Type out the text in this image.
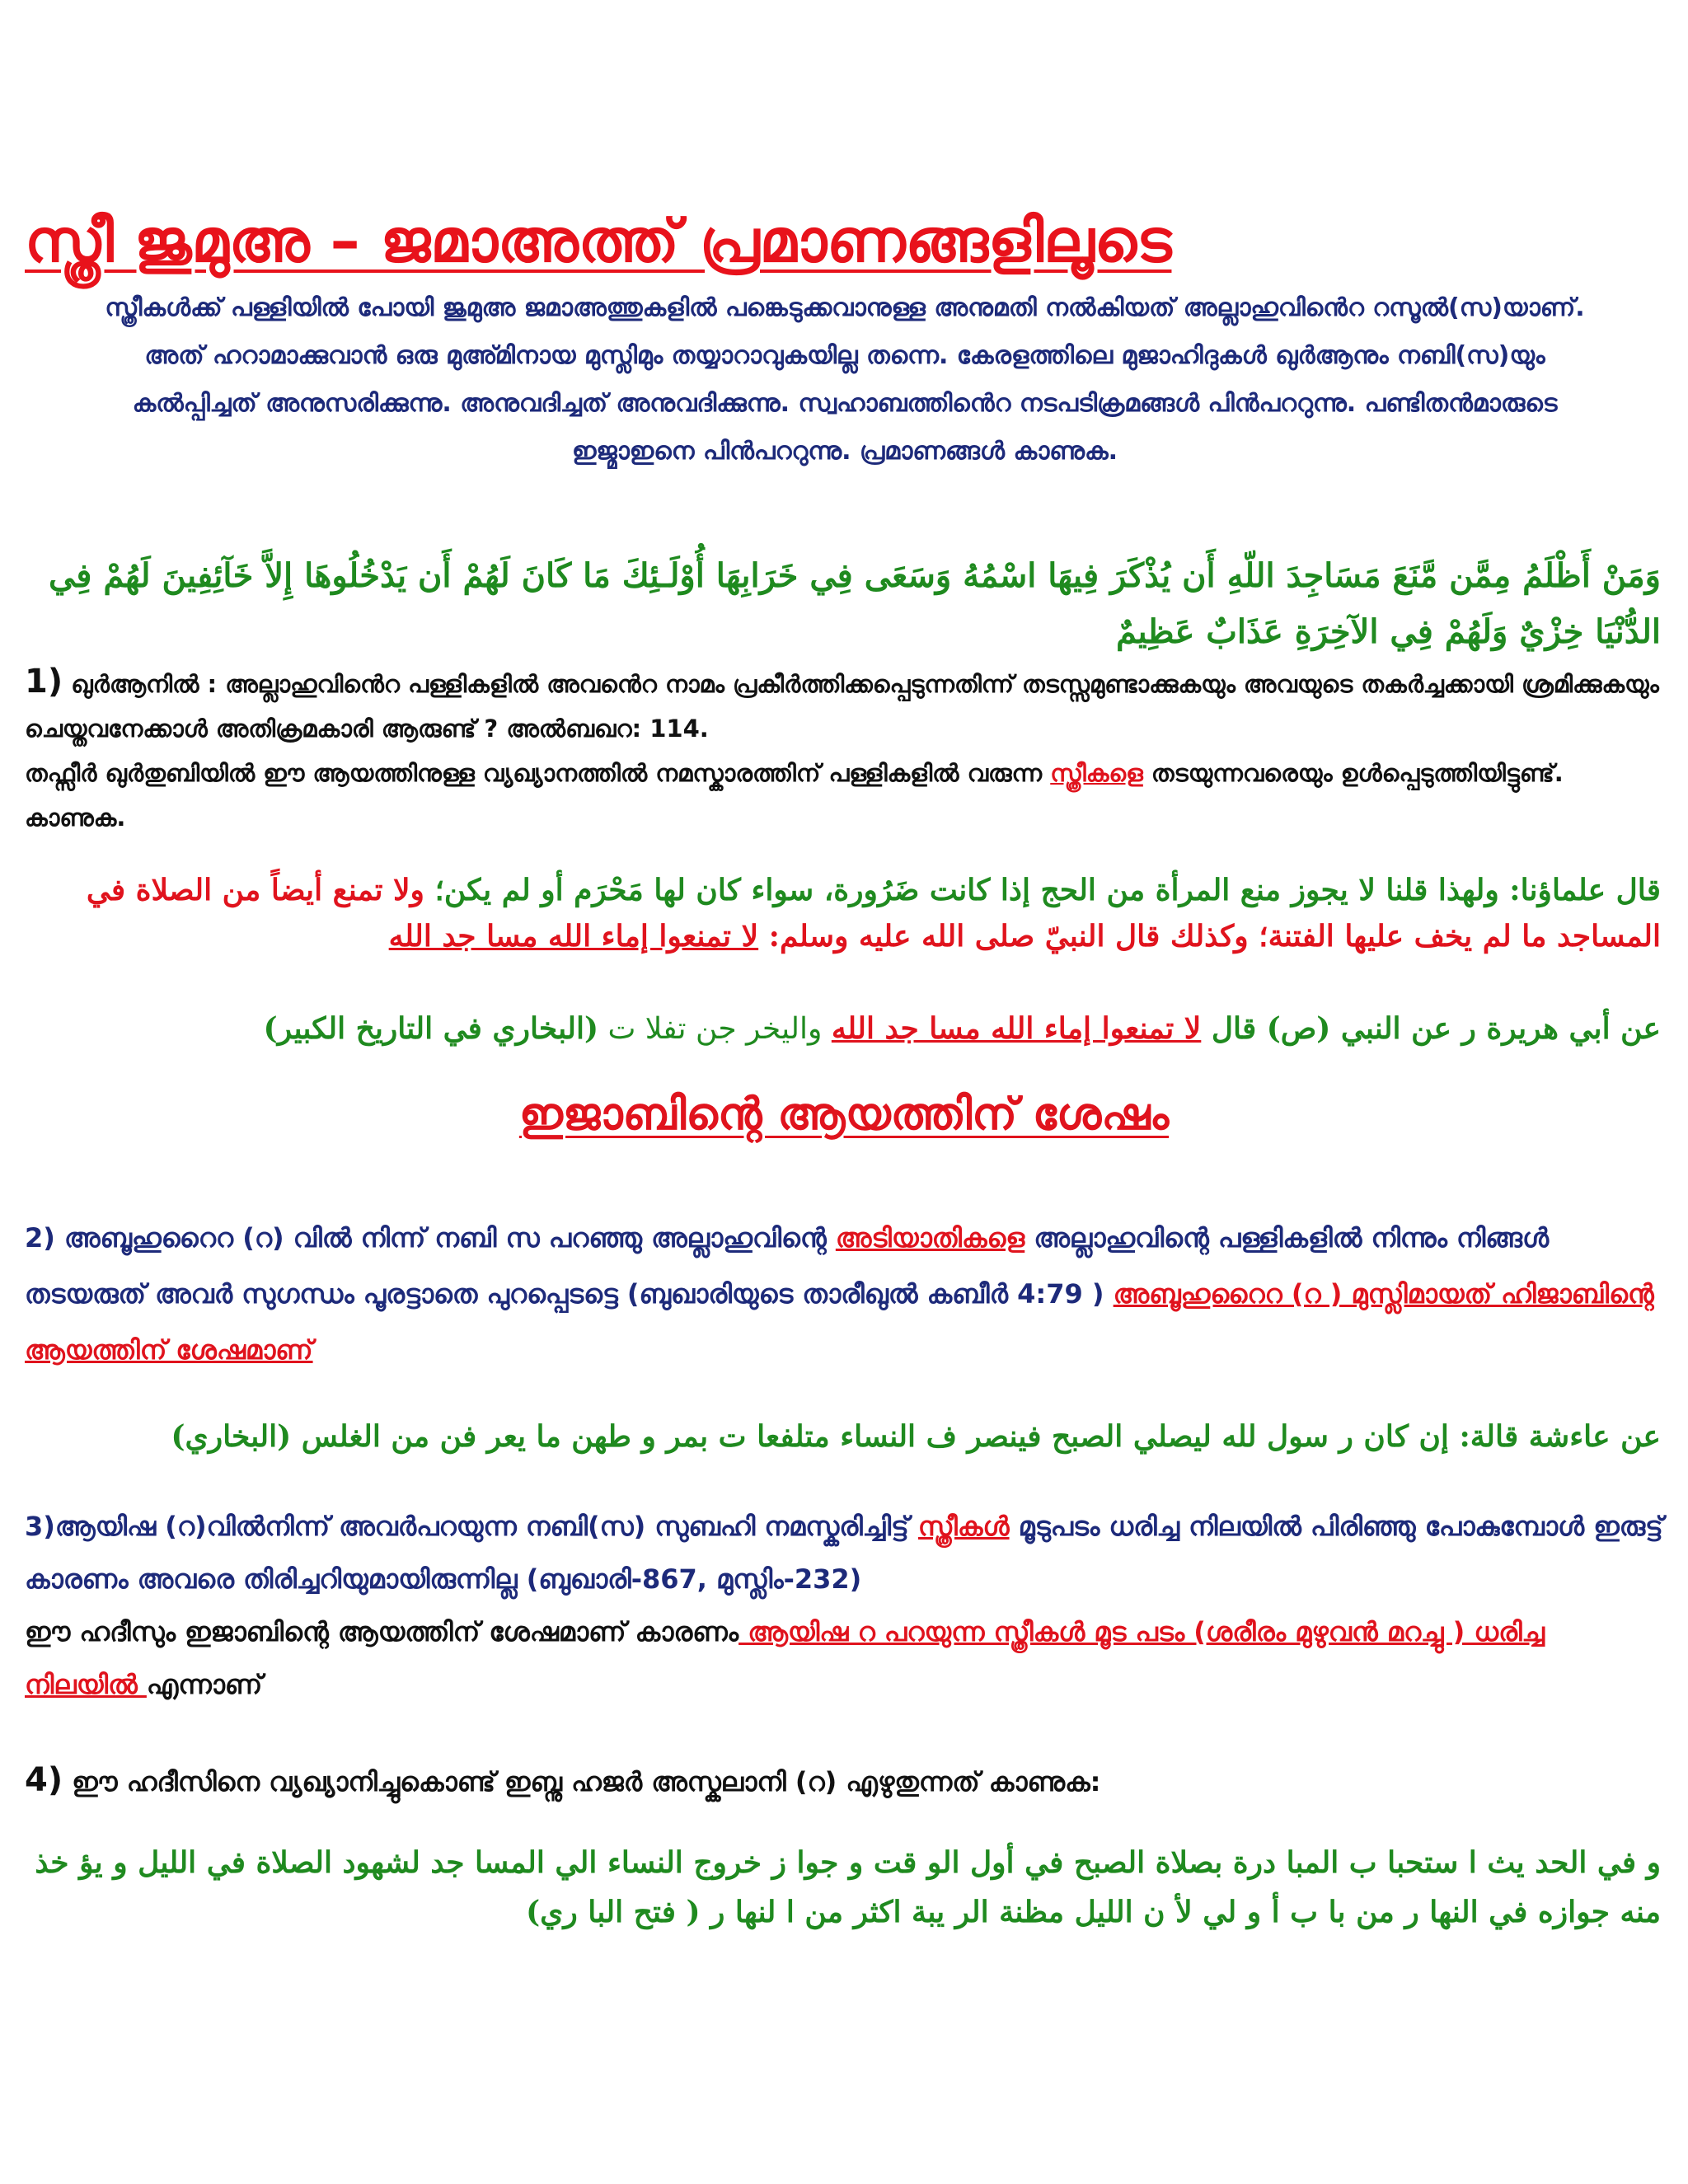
സ്ത്രീ ജുമുഅ – ജമാഅത്ത് പ്രമാണങ്ങളിലൂടെ
സ്ത്രീകൾക്ക് പള്ളിയിൽ പോയി ജുമുഅ ജമാഅത്തുകളിൽ പങ്കെടുക്കവാനുള്ള അനുമതി നൽകിയത് അല്ലാഹുവിൻെറ റസൂൽ(സ)യാണ്. അത് ഹറാമാക്കുവാൻ ഒരു മുഅ്മിനായ മുസ്ലിമും തയ്യാറാവുകയില്ല തന്നെ. കേരളത്തിലെ മുജാഹിദുകൾ ഖുർആനും നബി(സ)യും കൽപ്പിച്ചത് അനുസരിക്കുന്നു. അനുവദിച്ചത് അനുവദിക്കുന്നു. സ്വഹാബത്തിൻെറ നടപടിക്രമങ്ങൾ പിൻപററുന്നു. പണ്ടിതൻമാരുടെ ഇജ്മാഇനെ പിൻപററുന്നു. പ്രമാണങ്ങൾ കാണുക.
وَمَنْ أَظْلَمُ مِمَّن مَّنَعَ مَسَاجِدَ اللّهِ أَن يُذْكَرَ فِيهَا اسْمُهُ وَسَعَى فِي خَرَابِهَا أُوْلَـئِكَ مَا كَانَ لَهُمْ أَن يَدْخُلُوهَا إِلاَّ خَآئِفِينَ لَهُمْ فِي الدُّنْيَا خِزْيٌ وَلَهُمْ فِي الآخِرَةِ عَذَابٌ عَظِيمٌ
1) ഖുർആനിൽ : അല്ലാഹുവിൻെറ പള്ളികളിൽ അവൻെറ നാമം പ്രകീർത്തിക്കപ്പെടുന്നതിന്ന് തടസ്സമുണ്ടാക്കുകയും അവയുടെ തകർച്ചക്കായി ശ്രമിക്കുകയും ചെയ്തവനേക്കാൾ അതിക്രമകാരി ആരുണ്ട് ? അൽബഖറ: 114.
തഫ്സീർ ഖുർതുബിയിൽ ഈ ആയത്തിനുള്ള വ്യഖ്യാനത്തിൽ നമസ്കാരത്തിന് പള്ളികളിൽ വരുന്ന സ്ത്രീകളെ തടയുന്നവരെയും ഉൾപ്പെടുത്തിയിട്ടുണ്ട്. കാണുക.
قال علماؤنا: ولهذا قلنا لا يجوز منع المرأة من الحج إذا كانت ضَرُورة، سواء كان لها مَحْرَم أو لم يكن؛ ولا تمنع أيضاً من الصلاة في المساجد ما لم يخف عليها الفتنة؛ وكذلك قال النبيّ صلى الله عليه وسلم: لا تمنعوا إماء الله مسا جد الله
عن أبي هريرة ر عن النبي (ص) قال لا تمنعوا إماء الله مسا جد الله واليخر جن تفلا ت (البخاري في التاريخ الكبير)
ഇജാബിന്റെ ആയത്തിന് ശേഷം
2) അബൂഹുറൈറ (റ) വിൽ നിന്ന് നബി സ പറഞ്ഞു അല്ലാഹുവിന്റെ അടിയാതികളെ അല്ലാഹുവിന്റെ പള്ളികളിൽ നിന്നും നിങ്ങൾ തടയരുത് അവർ സുഗന്ധം പൂരട്ടാതെ പുറപ്പെടട്ടെ (ബുഖാരിയുടെ താരീഖുൽ കബീർ 4:79 ) അബൂഹുറൈറ (റ ) മുസ്ലിമായത് ഹിജാബിന്റെ ആയത്തിന് ശേഷമാണ്
عن عاءشة قالة: إن كان ر سول لله ليصلي الصبح فينصر ف النساء متلفعا ت بمر و طهن ما يعر فن من الغلس (البخاري)
3)ആയിഷ (റ)വിൽനിന്ന് അവർപറയുന്ന നബി(സ) സുബഹി നമസ്കരിച്ചിട്ട് സ്ത്രീകൾ മൂടുപടം ധരിച്ച നിലയിൽ പിരിഞ്ഞു പോകുമ്പോൾ ഇരുട്ട് കാരണം അവരെ തിരിച്ചറിയുമായിരുന്നില്ല (ബുഖാരി-867, മുസ്ലിം-232)
ഈ ഹദീസും ഇജാബിന്റെ ആയത്തിന് ശേഷമാണ് കാരണം ആയിഷ റ പറയുന്ന സ്ത്രീകൾ മൂട പടം (ശരീരം മുഴുവൻ മറച്ചു ) ധരിച്ച നിലയിൽ എന്നാണ്
4) ഈ ഹദീസിനെ വ്യഖ്യാനിച്ചുകൊണ്ട് ഇബ്നു ഹജർ അസ്കലാനി (റ) എഴുതുന്നത് കാണുക:
و في الحد يث ا ستحبا ب المبا درة بصلاة الصبح في أول الو قت و جوا ز خروج النساء الي المسا جد لشهود الصلاة في الليل و يؤ خذ منه جوازه في النها ر من با ب أ و لي لأ ن الليل مظنة الر يبة اكثر من ا لنها ر ( فتح البا ري)
